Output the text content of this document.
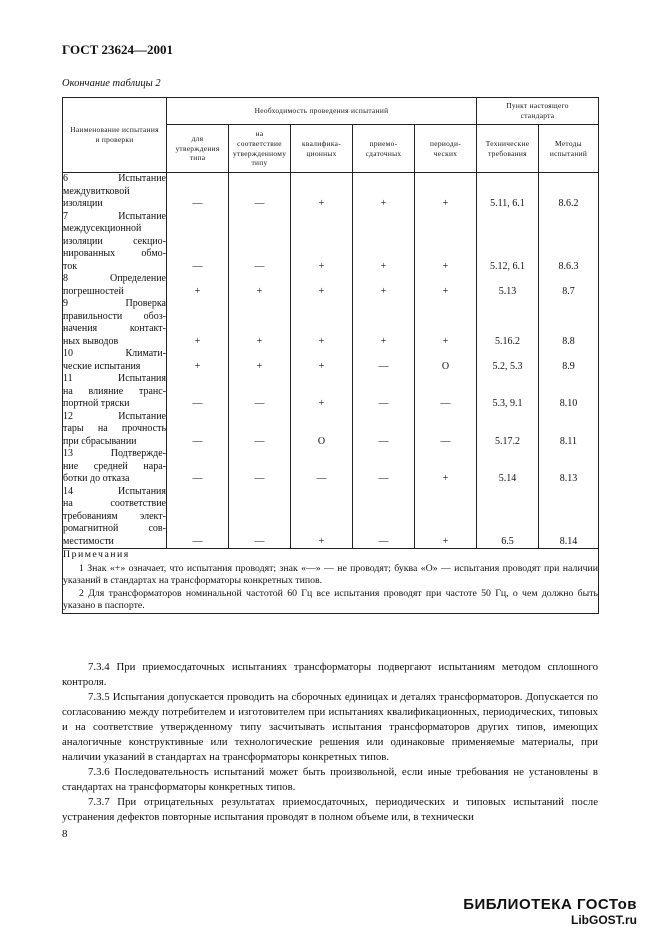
ГОСТ 23624—2001
Окончание таблицы 2
Наименование испытания и проверки	Необходимость проведения испытаний					Пункт настоящего стандарта	
	для утверждения типа	на соответствие утвержденному типу	квалифика-ционных	приемо-сдаточных	периоди-ческих	Технические требования	Методы испытаний

6 Испытание
междувитковой
изоляции	—	—	+	+	+	5.11, 6.1	8.6.2

7 Испытание
междусекционной
изоляции секцио-
нированных обмо-
ток	—	—	+	+	+	5.12, 6.1	8.6.3

8 Определение
погрешностей	+	+	+	+	+	5.13	8.7

9 Проверка
правильности обоз-
начения контакт-
ных выводов	+	+	+	+	+	5.16.2	8.8

10 Климати-
ческие испытания	+	+	+	—	О	5.2, 5.3	8.9

11 Испытания
на влияние транс-
портной тряски	—	—	+	—	—	5.3, 9.1	8.10

12 Испытание
тары на прочность
при сбрасывании	—	—	О	—	—	5.17.2	8.11

13 Подтвержде-
ние средней нара-
ботки до отказа	—	—	—	—	+	5.14	8.13

14 Испытания
на соответствие
требованиям элект-
ромагнитной сов-
местимости	—	—	+	—	+	6.5	8.14

Примечания

1 Знак «+» означает, что испытания проводят; знак «—» — не проводят; буква «О» — испытания проводят при наличии указаний в стандартах на трансформаторы конкретных типов.

2 Для трансформаторов номинальной частотой 60 Гц все испытания проводят при частоте 50 Гц, о чем должно быть указано в паспорте.							

7.3.4 При приемосдаточных испытаниях трансформаторы подвергают испытаниям методом сплошного контроля.

7.3.5 Испытания допускается проводить на сборочных единицах и деталях трансформаторов. Допускается по согласованию между потребителем и изготовителем при испытаниях квалификационных, периодических, типовых и на соответствие утвержденному типу засчитывать испытания трансформаторов других типов, имеющих аналогичные конструктивные или технологические решения или одинаковые применяемые материалы, при наличии указаний в стандартах на трансформаторы конкретных типов.

7.3.6 Последовательность испытаний может быть произвольной, если иные требования не установлены в стандартах на трансформаторы конкретных типов.

7.3.7 При отрицательных результатах приемосдаточных, периодических и типовых испытаний после устранения дефектов повторные испытания проводят в полном объеме или, в технически

8
БИБЛИОТЕКА ГОСТов
LibGOST.ru
